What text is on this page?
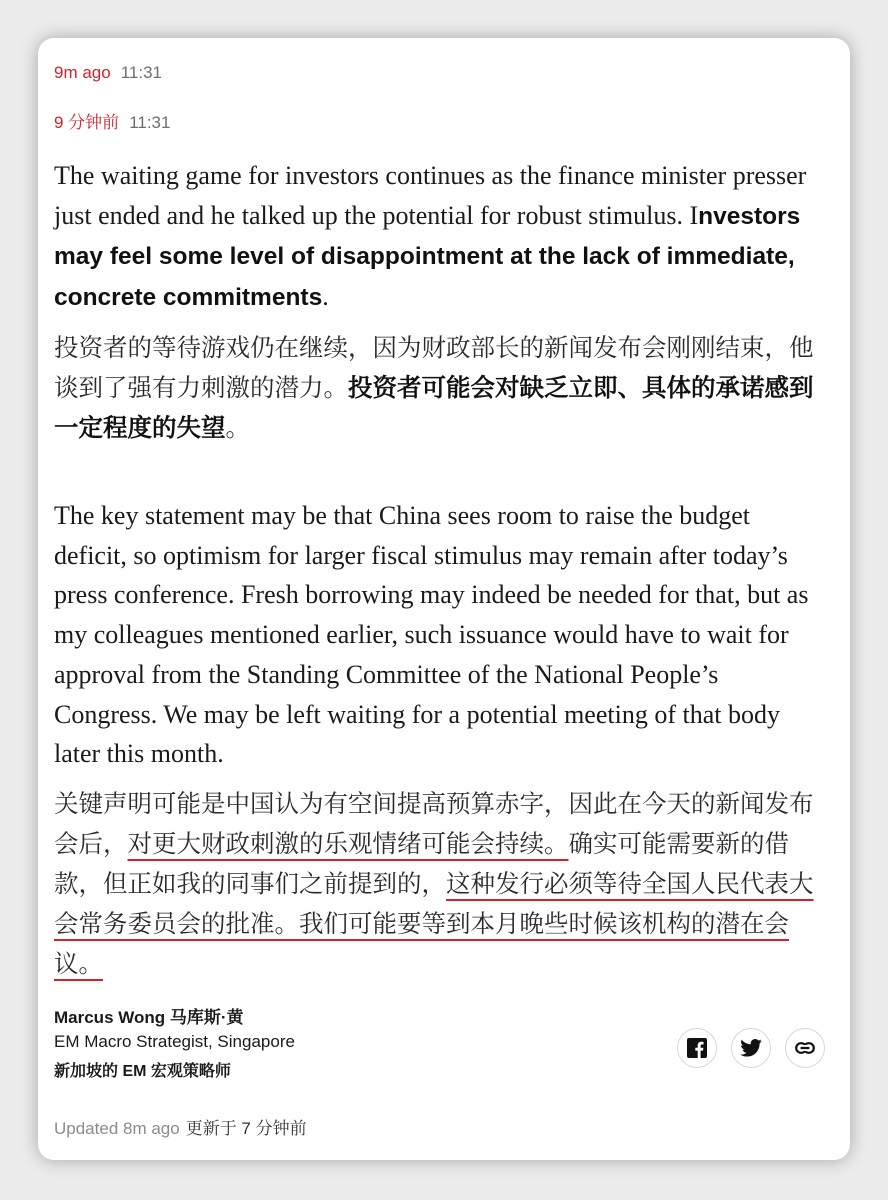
9m ago 11:31
9 分钟前 11:31

The waiting game for investors continues as the finance minister presser just ended and he talked up the potential for robust stimulus. Investors may feel some level of disappointment at the lack of immediate, concrete commitments.

投资者的等待游戏仍在继续，因为财政部长的新闻发布会刚刚结束，他谈到了强有力刺激的潜力。投资者可能会对缺乏立即、具体的承诺感到一定程度的失望。

The key statement may be that China sees room to raise the budget deficit, so optimism for larger fiscal stimulus may remain after today’s press conference. Fresh borrowing may indeed be needed for that, but as my colleagues mentioned earlier, such issuance would have to wait for approval from the Standing Committee of the National People’s Congress. We may be left waiting for a potential meeting of that body later this month.

关键声明可能是中国认为有空间提高预算赤字，因此在今天的新闻发布会后，对更大财政刺激的乐观情绪可能会持续。确实可能需要新的借款，但正如我的同事们之前提到的，这种发行必须等待全国人民代表大会常务委员会的批准。我们可能要等到本月晚些时候该机构的潜在会议。

Marcus Wong 马库斯·黄
EM Macro Strategist, Singapore
新加坡的 EM 宏观策略师
Updated 8m ago 更新于 7 分钟前
